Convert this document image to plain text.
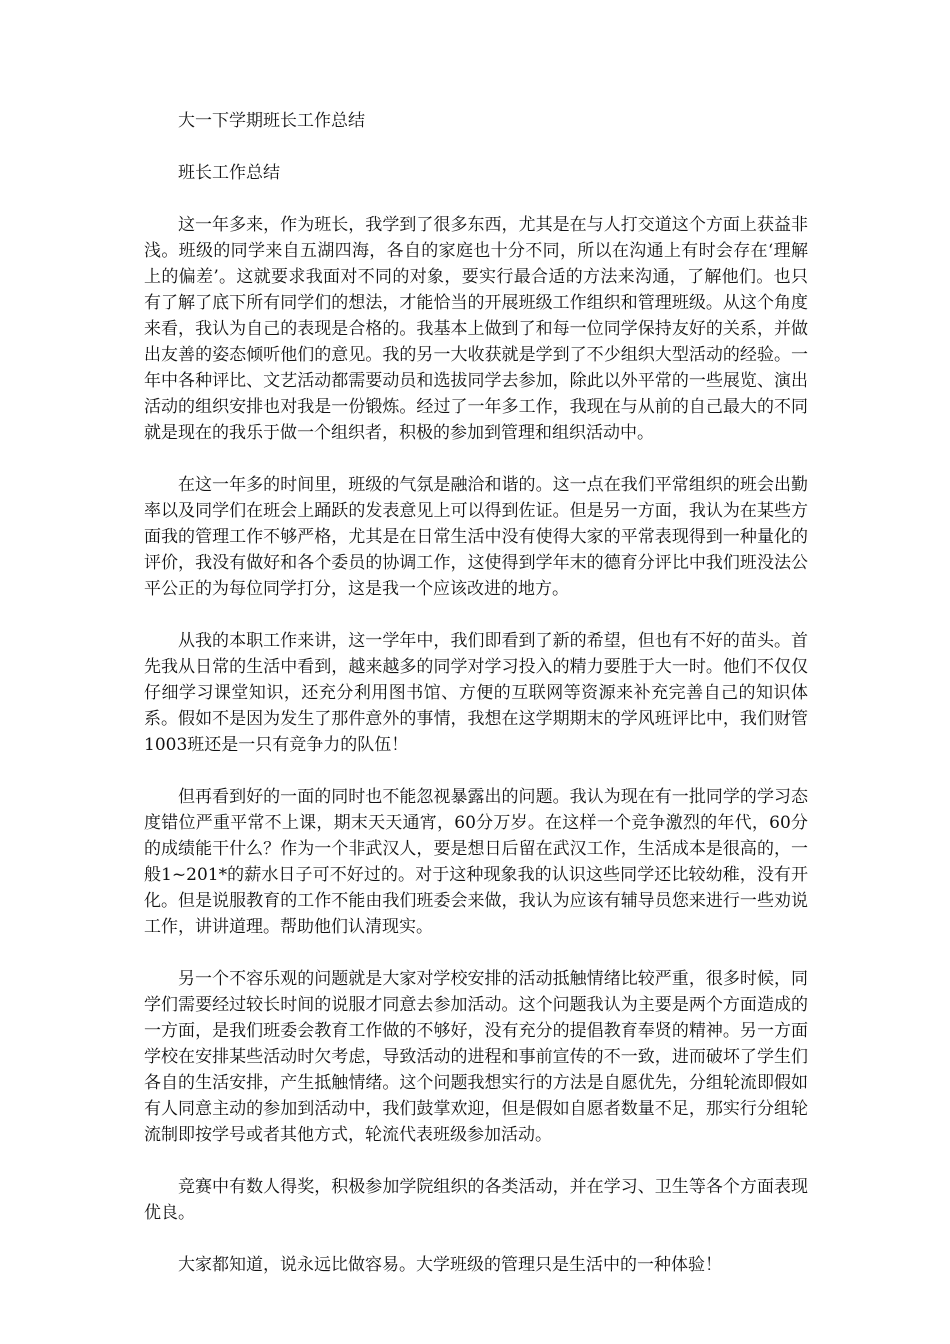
大一下学期班长工作总结

班长工作总结

这一年多来，作为班长，我学到了很多东西，尤其是在与人打交道这个方面上获益非浅。班级的同学来自五湖四海，各自的家庭也十分不同，所以在沟通上有时会存在‘理解上的偏差’。这就要求我面对不同的对象，要实行最合适的方法来沟通，了解他们。也只有了解了底下所有同学们的想法，才能恰当的开展班级工作组织和管理班级。从这个角度来看，我认为自己的表现是合格的。我基本上做到了和每一位同学保持友好的关系，并做出友善的姿态倾听他们的意见。我的另一大收获就是学到了不少组织大型活动的经验。一年中各种评比、文艺活动都需要动员和选拔同学去参加，除此以外平常的一些展览、演出活动的组织安排也对我是一份锻炼。经过了一年多工作，我现在与从前的自己最大的不同就是现在的我乐于做一个组织者，积极的参加到管理和组织活动中。

在这一年多的时间里，班级的气氛是融洽和谐的。这一点在我们平常组织的班会出勤率以及同学们在班会上踊跃的发表意见上可以得到佐证。但是另一方面，我认为在某些方面我的管理工作不够严格，尤其是在日常生活中没有使得大家的平常表现得到一种量化的评价，我没有做好和各个委员的协调工作，这使得到学年末的德育分评比中我们班没法公平公正的为每位同学打分，这是我一个应该改进的地方。

从我的本职工作来讲，这一学年中，我们即看到了新的希望，但也有不好的苗头。首先我从日常的生活中看到，越来越多的同学对学习投入的精力要胜于大一时。他们不仅仅仔细学习课堂知识，还充分利用图书馆、方便的互联网等资源来补充完善自己的知识体系。假如不是因为发生了那件意外的事情，我想在这学期期末的学风班评比中，我们财管1003班还是一只有竞争力的队伍！

但再看到好的一面的同时也不能忽视暴露出的问题。我认为现在有一批同学的学习态度错位严重平常不上课，期末天天通宵，60分万岁。在这样一个竞争激烈的年代，60分的成绩能干什么？作为一个非武汉人，要是想日后留在武汉工作，生活成本是很高的，一般1~201*的薪水日子可不好过的。对于这种现象我的认识这些同学还比较幼稚，没有开化。但是说服教育的工作不能由我们班委会来做，我认为应该有辅导员您来进行一些劝说工作，讲讲道理。帮助他们认清现实。

另一个不容乐观的问题就是大家对学校安排的活动抵触情绪比较严重，很多时候，同学们需要经过较长时间的说服才同意去参加活动。这个问题我认为主要是两个方面造成的一方面，是我们班委会教育工作做的不够好，没有充分的提倡教育奉贤的精神。另一方面学校在安排某些活动时欠考虑，导致活动的进程和事前宣传的不一致，进而破坏了学生们各自的生活安排，产生抵触情绪。这个问题我想实行的方法是自愿优先，分组轮流即假如有人同意主动的参加到活动中，我们鼓掌欢迎，但是假如自愿者数量不足，那实行分组轮流制即按学号或者其他方式，轮流代表班级参加活动。

竞赛中有数人得奖，积极参加学院组织的各类活动，并在学习、卫生等各个方面表现优良。

大家都知道，说永远比做容易。大学班级的管理只是生活中的一种体验！
